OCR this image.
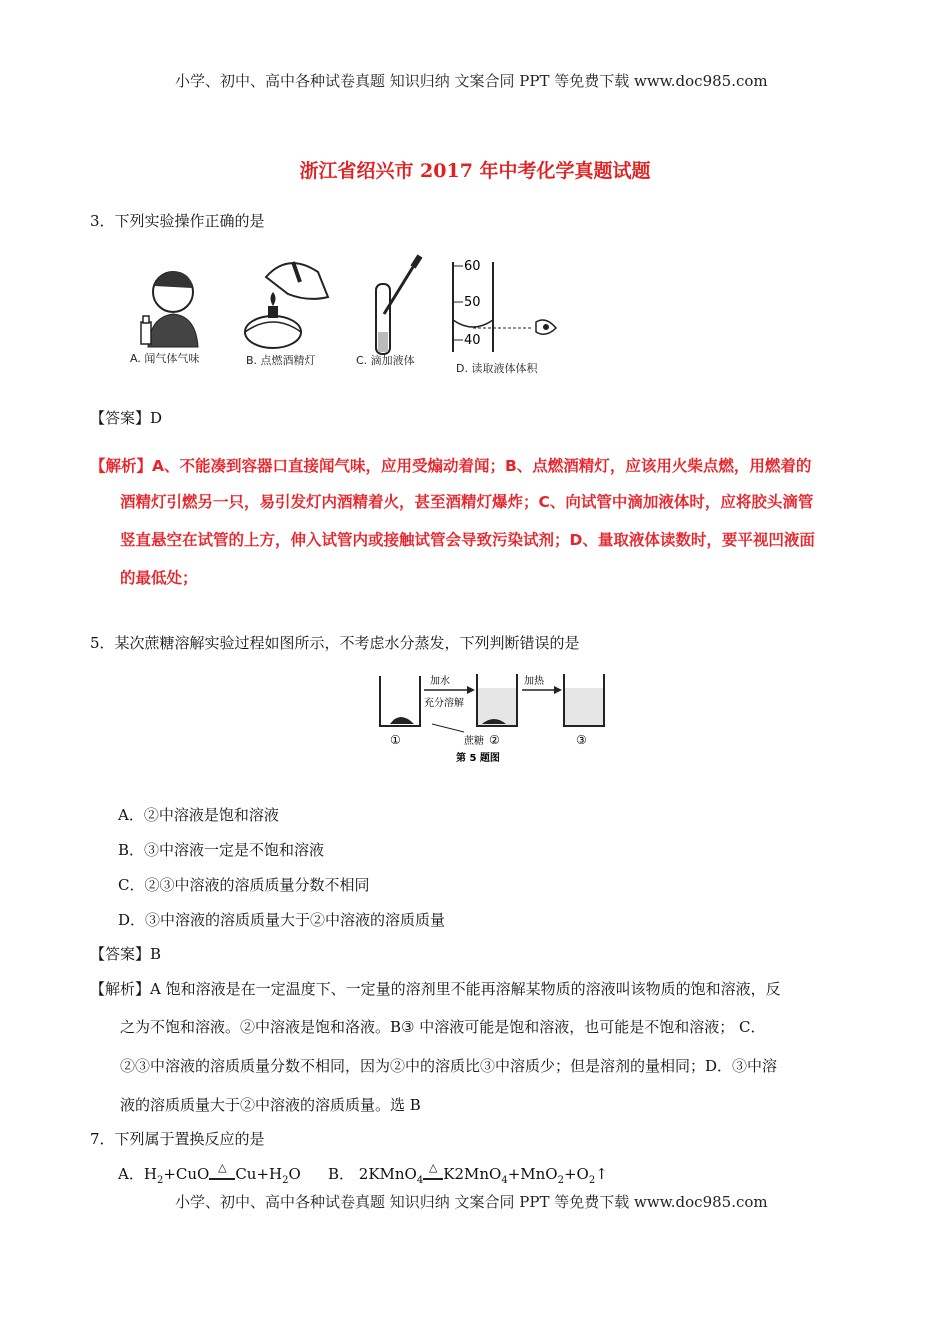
小学、初中、高中各种试卷真题 知识归纳 文案合同 PPT 等免费下载 www.doc985.com
浙江省绍兴市 2017 年中考化学真题试题
3．下列实验操作正确的是
A. 闻气体气味	B. 点燃酒精灯	C. 滴加液体
60
50
40
D. 读取液体体积
【答案】D
【解析】A、不能凑到容器口直接闻气味，应用受煽动着闻；B、点燃酒精灯，应该用火柴点燃，用燃着的
酒精灯引燃另一只，易引发灯内酒精着火，甚至酒精灯爆炸；C、向试管中滴加液体时，应将胶头滴管
竖直悬空在试管的上方，伸入试管内或接触试管会导致污染试剂；D、量取液体读数时，要平视凹液面
的最低处；
5．某次蔗糖溶解实验过程如图所示，不考虑水分蒸发，下列判断错误的是
①
加水
充分溶解
②
蔗糖
加热
③
第 5 题图
A．②中溶液是饱和溶液
B．③中溶液一定是不饱和溶液
C．②③中溶液的溶质质量分数不相同
D．③中溶液的溶质质量大于②中溶液的溶质质量
【答案】B
【解析】A 饱和溶液是在一定温度下、一定量的溶剂里不能再溶解某物质的溶液叫该物质的饱和溶液，反
之为不饱和溶液。②中溶液是饱和洛液。B③ 中溶液可能是饱和溶液，也可能是不饱和溶液； C．
②③中溶液的溶质质量分数不相同，因为②中的溶质比③中溶质少；但是溶剂的量相同；D．③中溶
液的溶质质量大于②中溶液的溶质质量。选 B
7．下列属于置换反应的是
A．$H_2+CuO$ △ $Cu+H_2O$ B． 2KMnO$_4$△ $K2MnO_4+MnO_2+O_2↑$
小学、初中、高中各种试卷真题 知识归纳 文案合同 PPT 等免费下载 www.doc985.com
